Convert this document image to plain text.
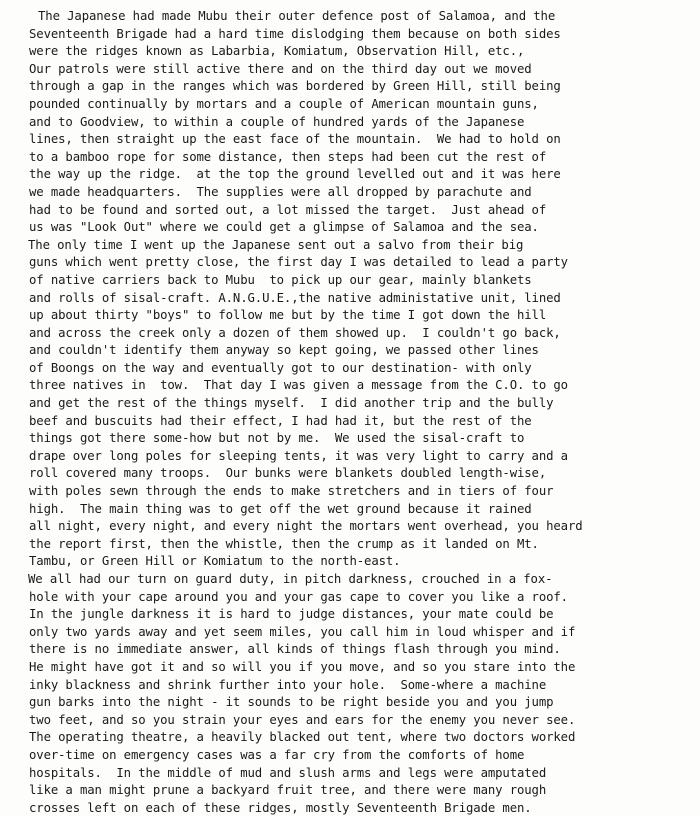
The Japanese had made Mubu their outer defence post of Salamoa, and the
Seventeenth Brigade had a hard time dislodging them because on both sides
were the ridges known as Labarbia, Komiatum, Observation Hill, etc.,
Our patrols were still active there and on the third day out we moved
through a gap in the ranges which was bordered by Green Hill, still being
pounded continually by mortars and a couple of American mountain guns,
and to Goodview, to within a couple of hundred yards of the Japanese
lines, then straight up the east face of the mountain.  We had to hold on
to a bamboo rope for some distance, then steps had been cut the rest of
the way up the ridge.  at the top the ground levelled out and it was here
we made headquarters.  The supplies were all dropped by parachute and
had to be found and sorted out, a lot missed the target.  Just ahead of
us was "Look Out" where we could get a glimpse of Salamoa and the sea.
The only time I went up the Japanese sent out a salvo from their big
guns which went pretty close, the first day I was detailed to lead a party
of native carriers back to Mubu  to pick up our gear, mainly blankets
and rolls of sisal-craft. A.N.G.U.E.,the native administative unit, lined
up about thirty "boys" to follow me but by the time I got down the hill
and across the creek only a dozen of them showed up.  I couldn't go back,
and couldn't identify them anyway so kept going, we passed other lines
of Boongs on the way and eventually got to our destination- with only
three natives in  tow.  That day I was given a message from the C.O. to go
and get the rest of the things myself.  I did another trip and the bully
beef and buscuits had their effect, I had had it, but the rest of the
things got there some-how but not by me.  We used the sisal-craft to
drape over long poles for sleeping tents, it was very light to carry and a
roll covered many troops.  Our bunks were blankets doubled length-wise,
with poles sewn through the ends to make stretchers and in tiers of four
high.  The main thing was to get off the wet ground because it rained
all night, every night, and every night the mortars went overhead, you heard
the report first, then the whistle, then the crump as it landed on Mt.
Tambu, or Green Hill or Komiatum to the north-east.
We all had our turn on guard duty, in pitch darkness, crouched in a fox-
hole with your cape around you and your gas cape to cover you like a roof.
In the jungle darkness it is hard to judge distances, your mate could be
only two yards away and yet seem miles, you call him in loud whisper and if
there is no immediate answer, all kinds of things flash through you mind.
He might have got it and so will you if you move, and so you stare into the
inky blackness and shrink further into your hole.  Some-where a machine
gun barks into the night - it sounds to be right beside you and you jump
two feet, and so you strain your eyes and ears for the enemy you never see.
The operating theatre, a heavily blacked out tent, where two doctors worked
over-time on emergency cases was a far cry from the comforts of home
hospitals.  In the middle of mud and slush arms and legs were amputated
like a man might prune a backyard fruit tree, and there were many rough
crosses left on each of these ridges, mostly Seventeenth Brigade men.
